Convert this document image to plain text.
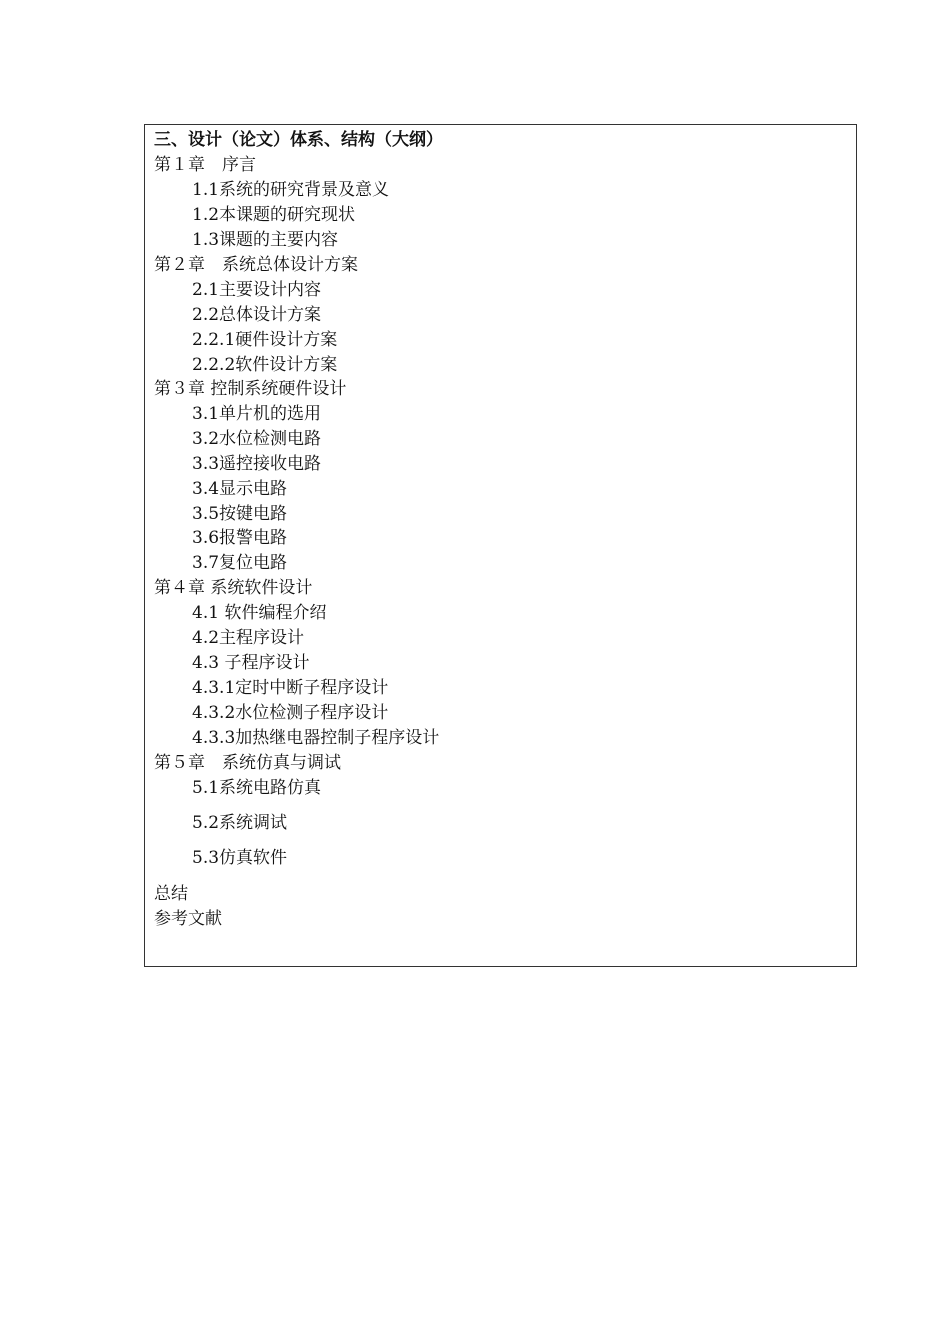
三、设计（论文）体系、结构（大纲）
第１章　序言
1.1系统的研究背景及意义
1.2本课题的研究现状
1.3课题的主要内容
第２章　系统总体设计方案
2.1主要设计内容
2.2总体设计方案
2.2.1硬件设计方案
2.2.2软件设计方案
第３章 控制系统硬件设计
3.1单片机的选用
3.2水位检测电路
3.3遥控接收电路
3.4显示电路
3.5按键电路
3.6报警电路
3.7复位电路
第４章 系统软件设计
4.1 软件编程介绍
4.2主程序设计
4.3 子程序设计
4.3.1定时中断子程序设计
4.3.2水位检测子程序设计
4.3.3加热继电器控制子程序设计
第５章　系统仿真与调试
5.1系统电路仿真
5.2系统调试
5.3仿真软件
总结
参考文献
